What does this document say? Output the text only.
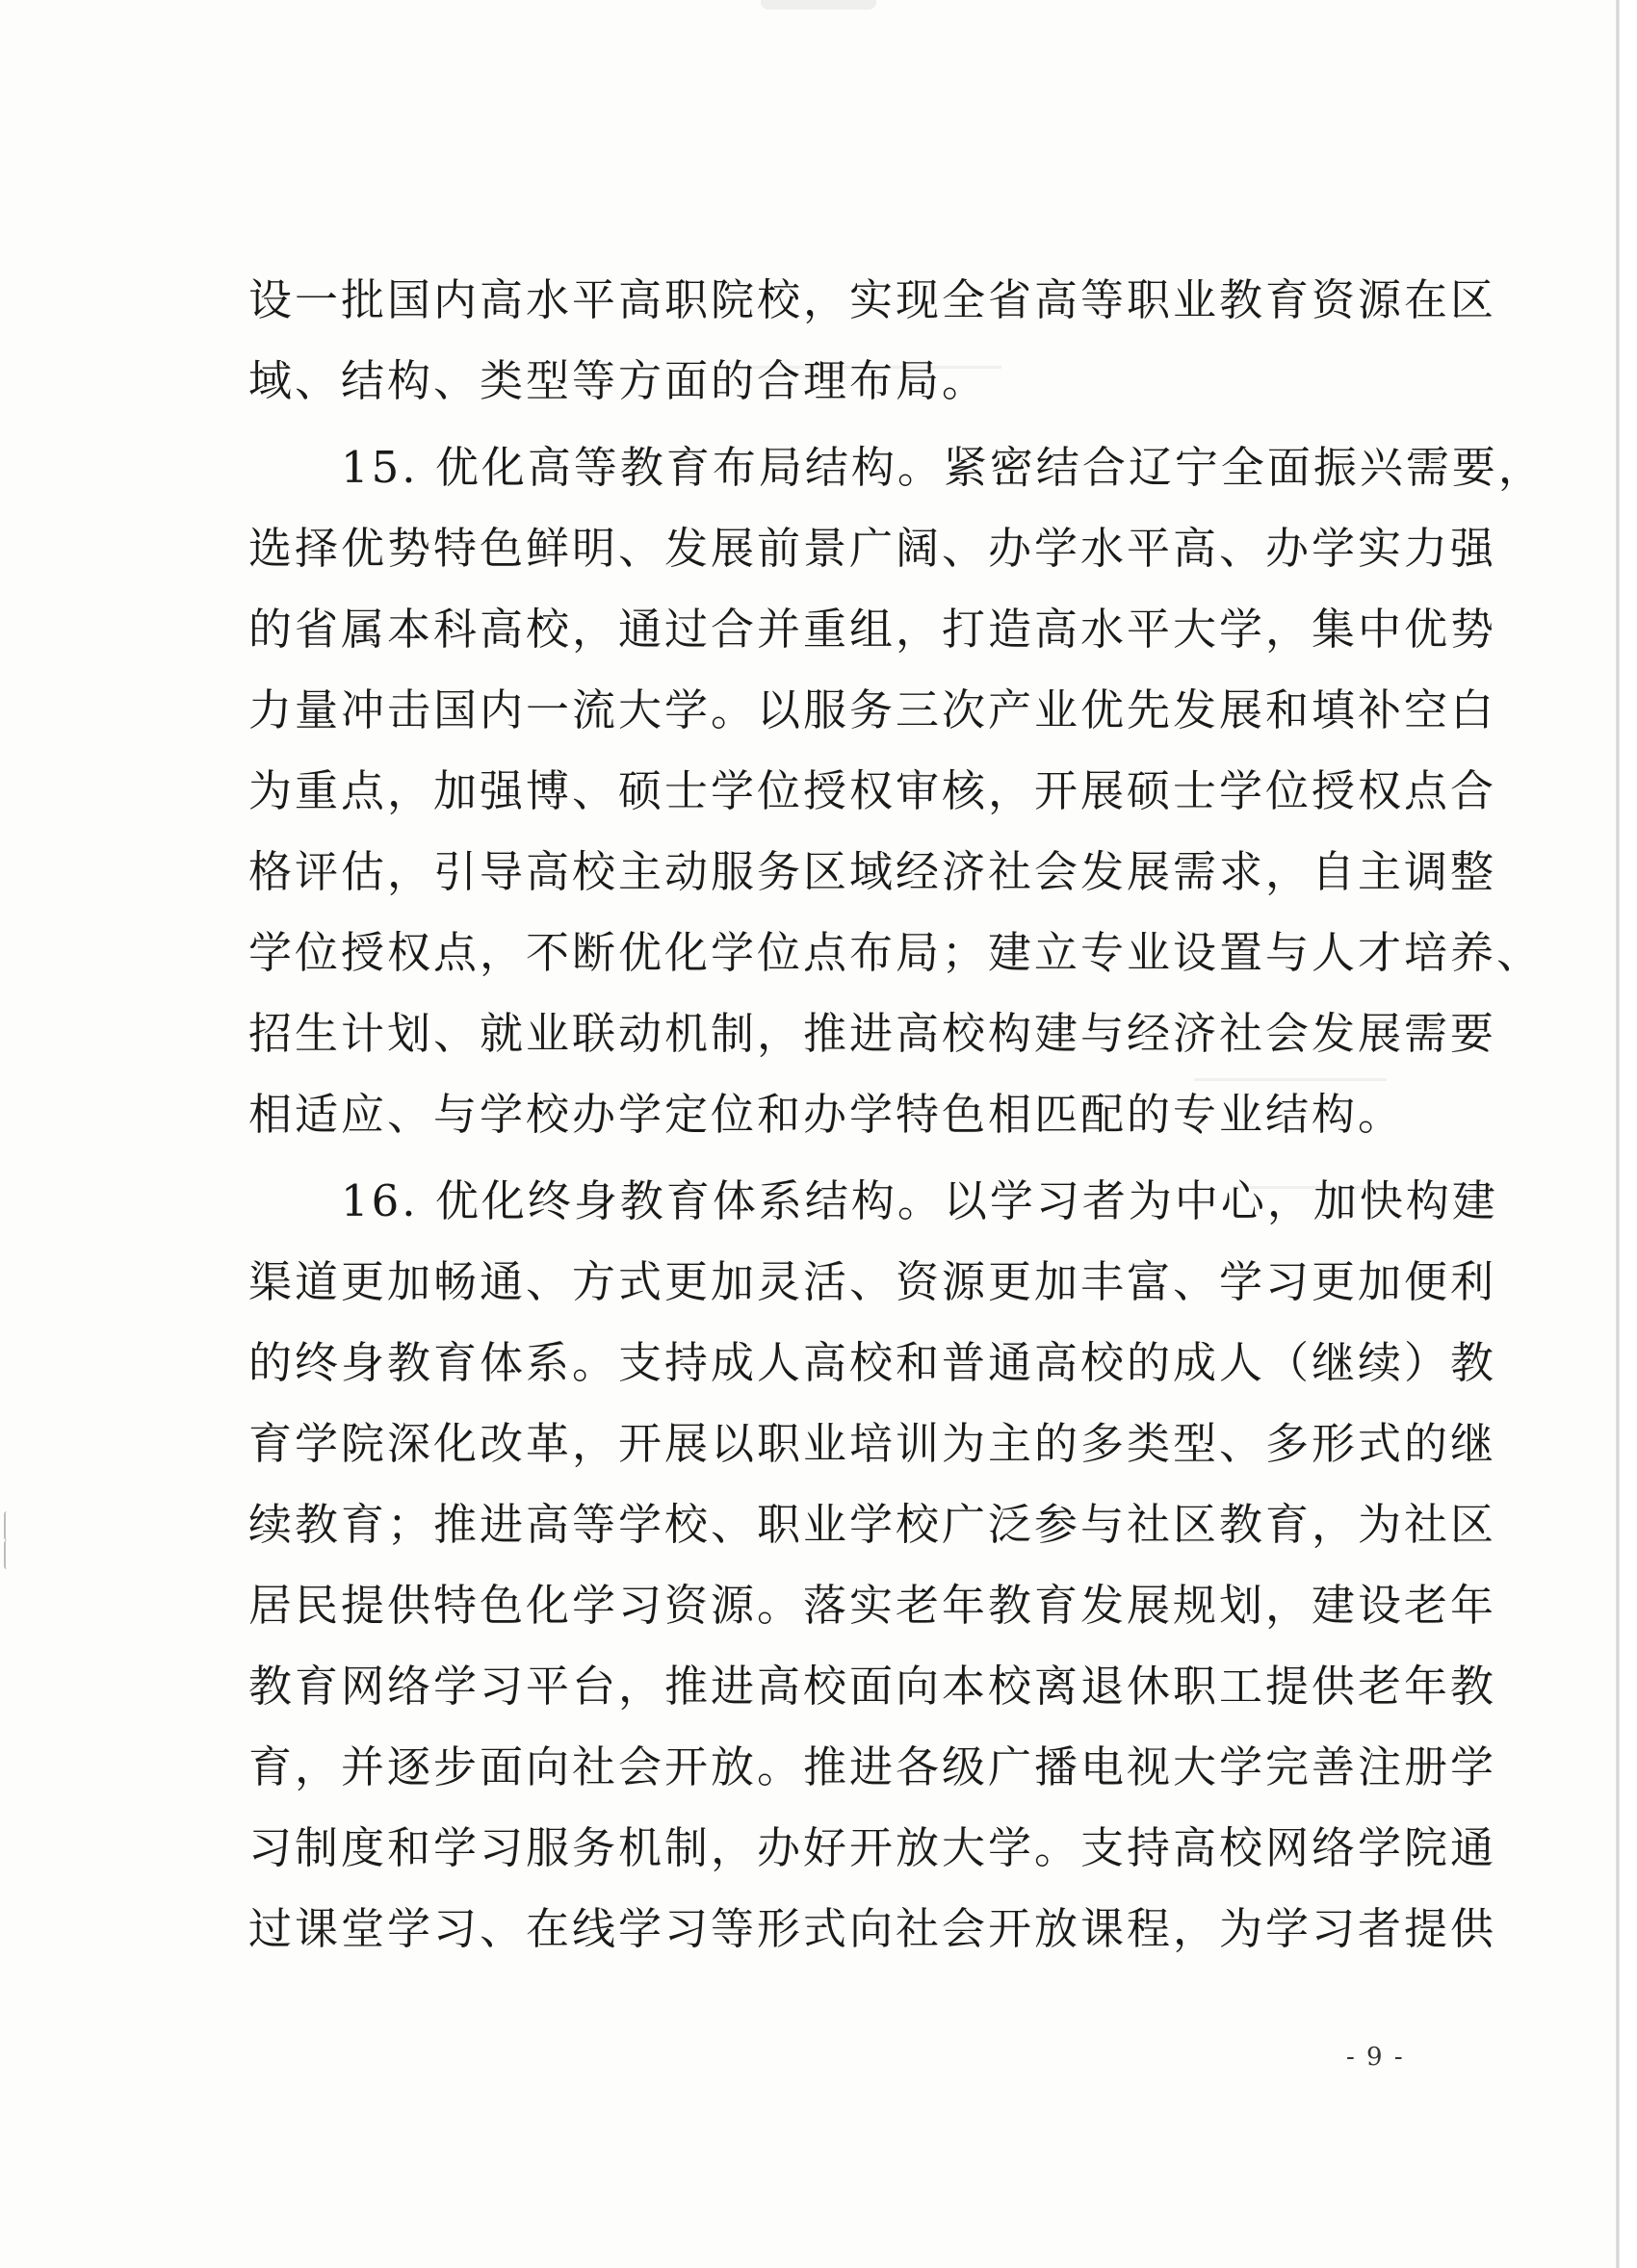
设一批国内高水平高职院校，实现全省高等职业教育资源在区
域、结构、类型等方面的合理布局。
　　15. 优化高等教育布局结构。紧密结合辽宁全面振兴需要，
选择优势特色鲜明、发展前景广阔、办学水平高、办学实力强
的省属本科高校，通过合并重组，打造高水平大学，集中优势
力量冲击国内一流大学。以服务三次产业优先发展和填补空白
为重点，加强博、硕士学位授权审核，开展硕士学位授权点合
格评估，引导高校主动服务区域经济社会发展需求，自主调整
学位授权点，不断优化学位点布局；建立专业设置与人才培养、
招生计划、就业联动机制，推进高校构建与经济社会发展需要
相适应、与学校办学定位和办学特色相匹配的专业结构。
　　16. 优化终身教育体系结构。以学习者为中心，加快构建
渠道更加畅通、方式更加灵活、资源更加丰富、学习更加便利
的终身教育体系。支持成人高校和普通高校的成人（继续）教
育学院深化改革，开展以职业培训为主的多类型、多形式的继
续教育；推进高等学校、职业学校广泛参与社区教育，为社区
居民提供特色化学习资源。落实老年教育发展规划，建设老年
教育网络学习平台，推进高校面向本校离退休职工提供老年教
育，并逐步面向社会开放。推进各级广播电视大学完善注册学
习制度和学习服务机制，办好开放大学。支持高校网络学院通
过课堂学习、在线学习等形式向社会开放课程，为学习者提供
- 9 -
